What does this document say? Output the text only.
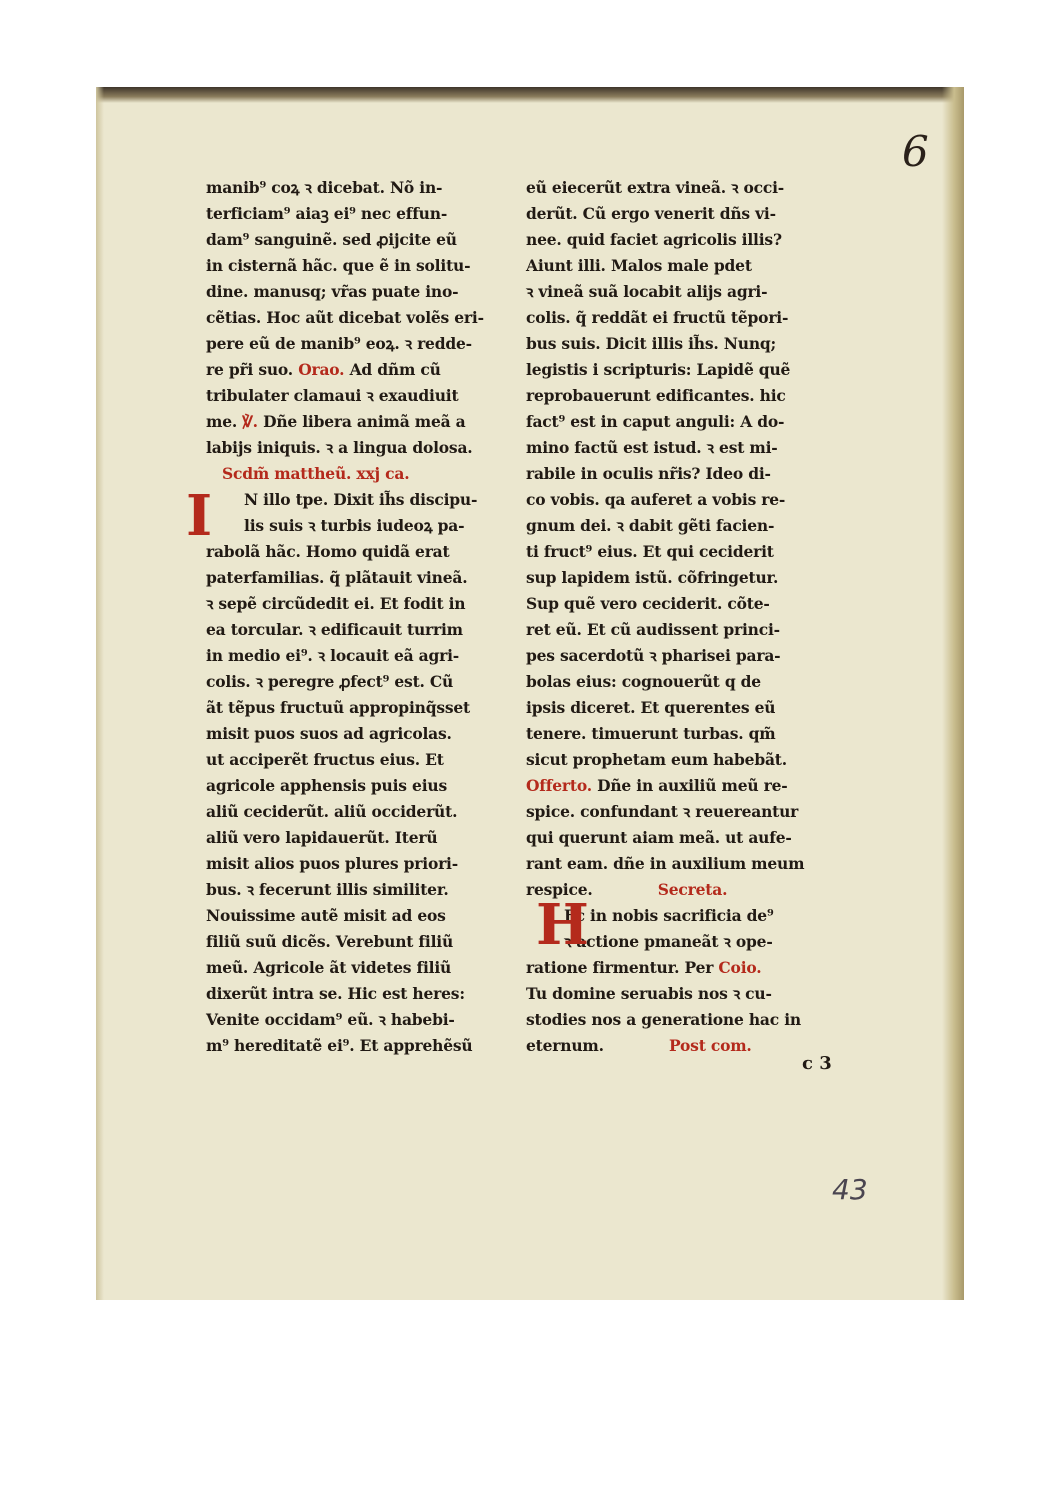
6
manib⁹ coꝝ ꝛ dicebat. Nõ in-
terficiam⁹ aiaꝫ ei⁹ nec effun-
dam⁹ sanguinẽ. sed ꝓijcite eũ
in cisternã hãc. que ẽ in solitu-
dine. manusq; vr̃as puate ino-
cẽtias. Hoc aũt dicebat volẽs eri-
pere eũ de manib⁹ eoꝝ. ꝛ redde-
re pr̃i suo. Orao. Ad dñm cũ
tribulater clamaui ꝛ exaudiuit
me. ℣. Dñe libera animã meã a
labijs iniquis. ꝛ a lingua dolosa.
Scdm̃ mattheũ. xxj ca.
N illo tpe. Dixit ih̃s discipu-
lis suis ꝛ turbis iudeoꝝ pa-
rabolã hãc. Homo quidã erat
paterfamilias. q̃ plãtauit vineã.
ꝛ sepẽ circũdedit ei. Et fodit in
ea torcular. ꝛ edificauit turrim
in medio ei⁹. ꝛ locauit eã agri-
colis. ꝛ peregre ꝓfect⁹ est. Cũ
ãt tẽpus fructuũ appropinq̃sset
misit puos suos ad agricolas.
ut acciperẽt fructus eius. Et
agricole apphensis puis eius
aliũ ceciderũt. aliũ occiderũt.
aliũ vero lapidauerũt. Iterũ
misit alios puos plures priori-
bus. ꝛ fecerunt illis similiter.
Nouissime autẽ misit ad eos
filiũ suũ dicẽs. Verebunt filiũ
meũ. Agricole ãt videtes filiũ
dixerũt intra se. Hic est heres:
Venite occidam⁹ eũ. ꝛ habebi-
m⁹ hereditatẽ ei⁹. Et apprehẽsũ
I
eũ eiecerũt extra vineã. ꝛ occi-
derũt. Cũ ergo venerit dñs vi-
nee. quid faciet agricolis illis?
Aiunt illi. Malos male pdet
ꝛ vineã suã locabit alijs agri-
colis. q̃ reddãt ei fructũ tẽpori-
bus suis. Dicit illis ih̃s. Nunq;
legistis i scripturis: Lapidẽ quẽ
reprobauerunt edificantes. hic
fact⁹ est in caput anguli: A do-
mino factũ est istud. ꝛ est mi-
rabile in oculis nr̃is? Ideo di-
co vobis. qa auferet a vobis re-
gnum dei. ꝛ dabit gẽti facien-
ti fruct⁹ eius. Et qui ceciderit
sup lapidem istũ. cõfringetur.
Sup quẽ vero ceciderit. cõte-
ret eũ. Et cũ audissent princi-
pes sacerdotũ ꝛ pharisei para-
bolas eius: cognouerũt q de
ipsis diceret. Et querentes eũ
tenere. timuerunt turbas. qm̃
sicut prophetam eum habebãt.
Offerto. Dñe in auxiliũ meũ re-
spice. confundant ꝛ reuereantur
qui querunt aiam meã. ut aufe-
rant eam. dñe in auxilium meum
respice.	Secreta.
Ec in nobis sacrificia de⁹
ꝛ actione pmaneãt ꝛ ope-
ratione firmentur. Per Coio.
Tu domine seruabis nos ꝛ cu-
stodies nos a generatione hac in
eternum.	Post com.
H
c 3
43
